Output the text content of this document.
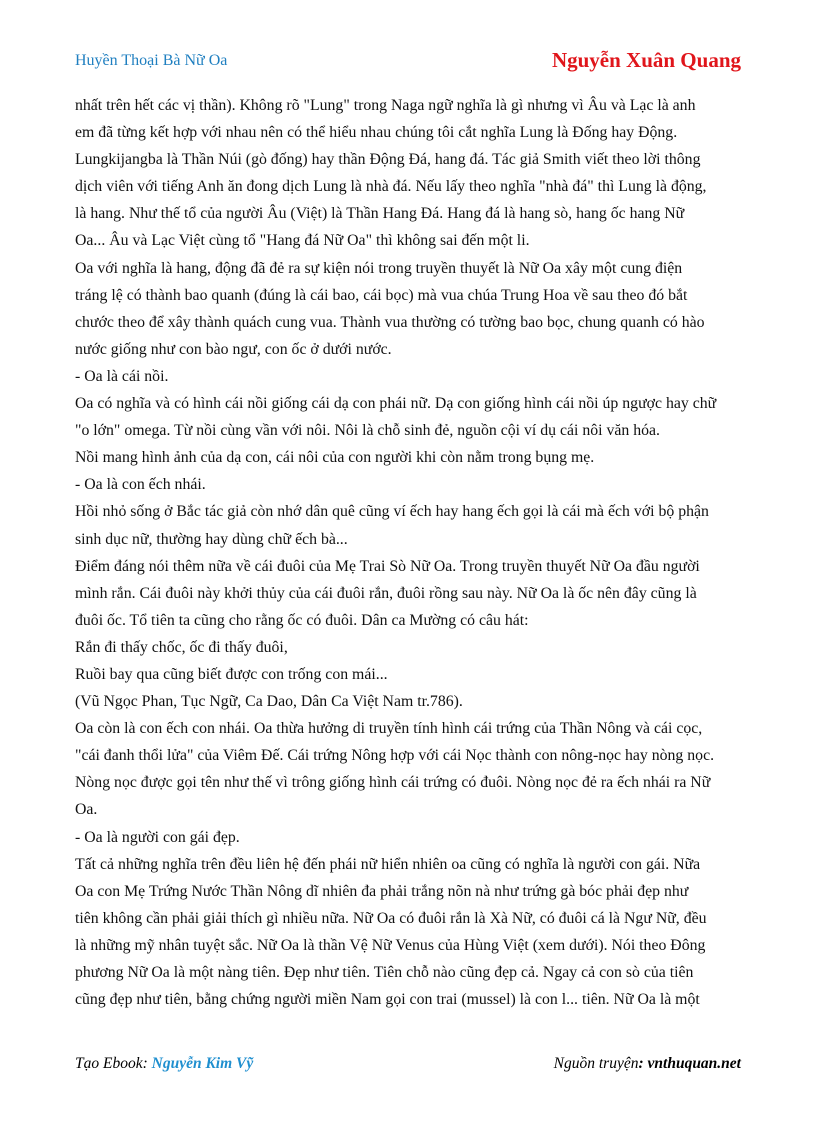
Huyền Thoại Bà Nữ Oa	Nguyễn Xuân Quang
nhất trên hết các vị thần). Không rõ "Lung" trong Naga ngữ nghĩa là gì nhưng vì Âu và Lạc là anh
em đã từng kết hợp với nhau nên có thể hiểu nhau chúng tôi cắt nghĩa Lung là Đống hay Động.
Lungkijangba là Thần Núi (gò đống) hay thần Động Đá, hang đá. Tác giả Smith viết theo lời thông
dịch viên với tiếng Anh ăn đong dịch Lung là nhà đá. Nếu lấy theo nghĩa "nhà đá" thì Lung là động,
là hang. Như thế tổ của người Âu (Việt) là Thần Hang Đá. Hang đá là hang sò, hang ốc hang Nữ
Oa... Âu và Lạc Việt cùng tổ "Hang đá Nữ Oa" thì không sai đến một li.
Oa với nghĩa là hang, động đã đẻ ra sự kiện nói trong truyền thuyết là Nữ Oa xây một cung điện
tráng lệ có thành bao quanh (đúng là cái bao, cái bọc) mà vua chúa Trung Hoa về sau theo đó bắt
chước theo để xây thành quách cung vua. Thành vua thường có tường bao bọc, chung quanh có hào
nước giống như con bào ngư, con ốc ở dưới nước.
- Oa là cái nồi.
Oa có nghĩa và có hình cái nồi giống cái dạ con phái nữ. Dạ con giống hình cái nồi úp ngược hay chữ
"o lớn" omega. Từ nồi cùng vần với nôi. Nôi là chỗ sinh đẻ, nguồn cội ví dụ cái nôi văn hóa.
Nồi mang hình ảnh của dạ con, cái nôi của con người khi còn nằm trong bụng mẹ.
- Oa là con ếch nhái.
Hồi nhỏ sống ở Bắc tác giả còn nhớ dân quê cũng ví ếch hay hang ếch gọi là cái mà ếch với bộ phận
sinh dục nữ, thường hay dùng chữ ếch bà...
Điểm đáng nói thêm nữa về cái đuôi của Mẹ Trai Sò Nữ Oa. Trong truyền thuyết Nữ Oa đầu người
mình rắn. Cái đuôi này khởi thủy của cái đuôi rắn, đuôi rồng sau này. Nữ Oa là ốc nên đây cũng là
đuôi ốc. Tổ tiên ta cũng cho rằng ốc có đuôi. Dân ca Mường có câu hát:
Rắn đi thấy chốc, ốc đi thấy đuôi,
Ruồi bay qua cũng biết được con trống con mái...
(Vũ Ngọc Phan, Tục Ngữ, Ca Dao, Dân Ca Việt Nam tr.786).
Oa còn là con ếch con nhái. Oa thừa hưởng di truyền tính hình cái trứng của Thần Nông và cái cọc,
"cái đanh thổi lửa" của Viêm Đế. Cái trứng Nông hợp với cái Nọc thành con nông-nọc hay nòng nọc.
Nòng nọc được gọi tên như thế vì trông giống hình cái trứng có đuôi. Nòng nọc đẻ ra ếch nhái ra Nữ
Oa.
- Oa là người con gái đẹp.
Tất cả những nghĩa trên đều liên hệ đến phái nữ hiển nhiên oa cũng có nghĩa là người con gái. Nữa
Oa con Mẹ Trứng Nước Thần Nông dĩ nhiên đa phải trắng nõn nà như trứng gà bóc phải đẹp như
tiên không cần phải giải thích gì nhiều nữa. Nữ Oa có đuôi rắn là Xà Nữ, có đuôi cá là Ngư Nữ, đều
là những mỹ nhân tuyệt sắc. Nữ Oa là thần Vệ Nữ Venus của Hùng Việt (xem dưới). Nói theo Đông
phương Nữ Oa là một nàng tiên. Đẹp như tiên. Tiên chỗ nào cũng đẹp cả. Ngay cả con sò của tiên
cũng đẹp như tiên, bằng chứng người miền Nam gọi con trai (mussel) là con l... tiên. Nữ Oa là một
Tạo Ebook: Nguyễn Kim Vỹ	Nguồn truyện: vnthuquan.net
